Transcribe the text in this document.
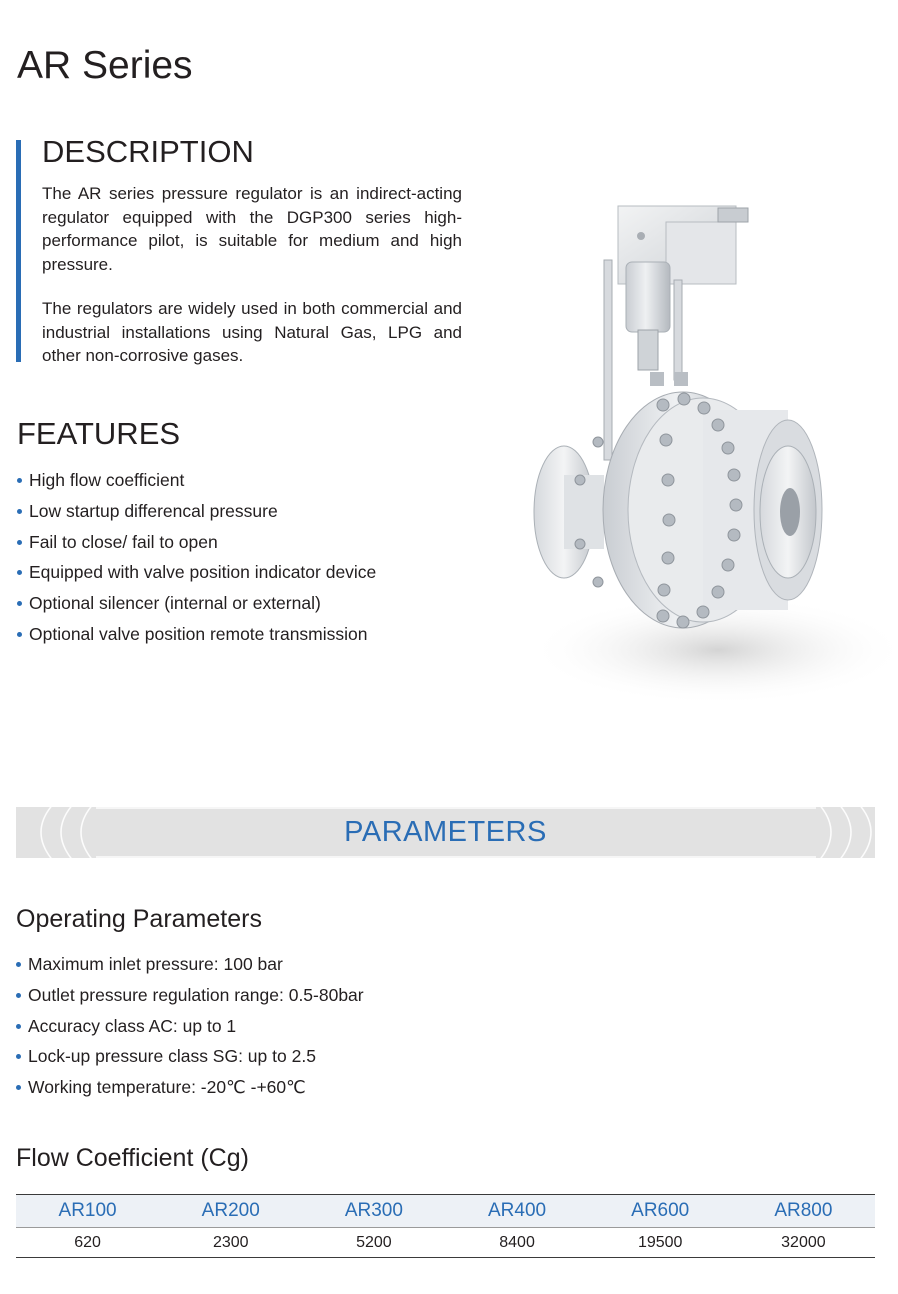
AR Series
DESCRIPTION

The AR series pressure regulator is an indirect-acting regulator equipped with the DGP300 series high-performance pilot, is suitable for medium and high pressure.

The regulators are widely used in both commercial and industrial installations using Natural Gas, LPG and other non-corrosive gases.

FEATURES
High flow coefficient
Low startup differencal pressure
Fail to close/ fail to open
Equipped with valve position indicator device
Optional silencer (internal or external)
Optional valve position remote transmission
PARAMETERS
Operating Parameters
Maximum inlet pressure: 100 bar
Outlet pressure regulation range: 0.5-80bar
Accuracy class AC: up to 1
Lock-up pressure class SG: up to 2.5
Working temperature: -20℃ -+60℃
Flow Coefficient (Cg)
AR100	AR200	AR300	AR400	AR600	AR800
620	2300	5200	8400	19500	32000
